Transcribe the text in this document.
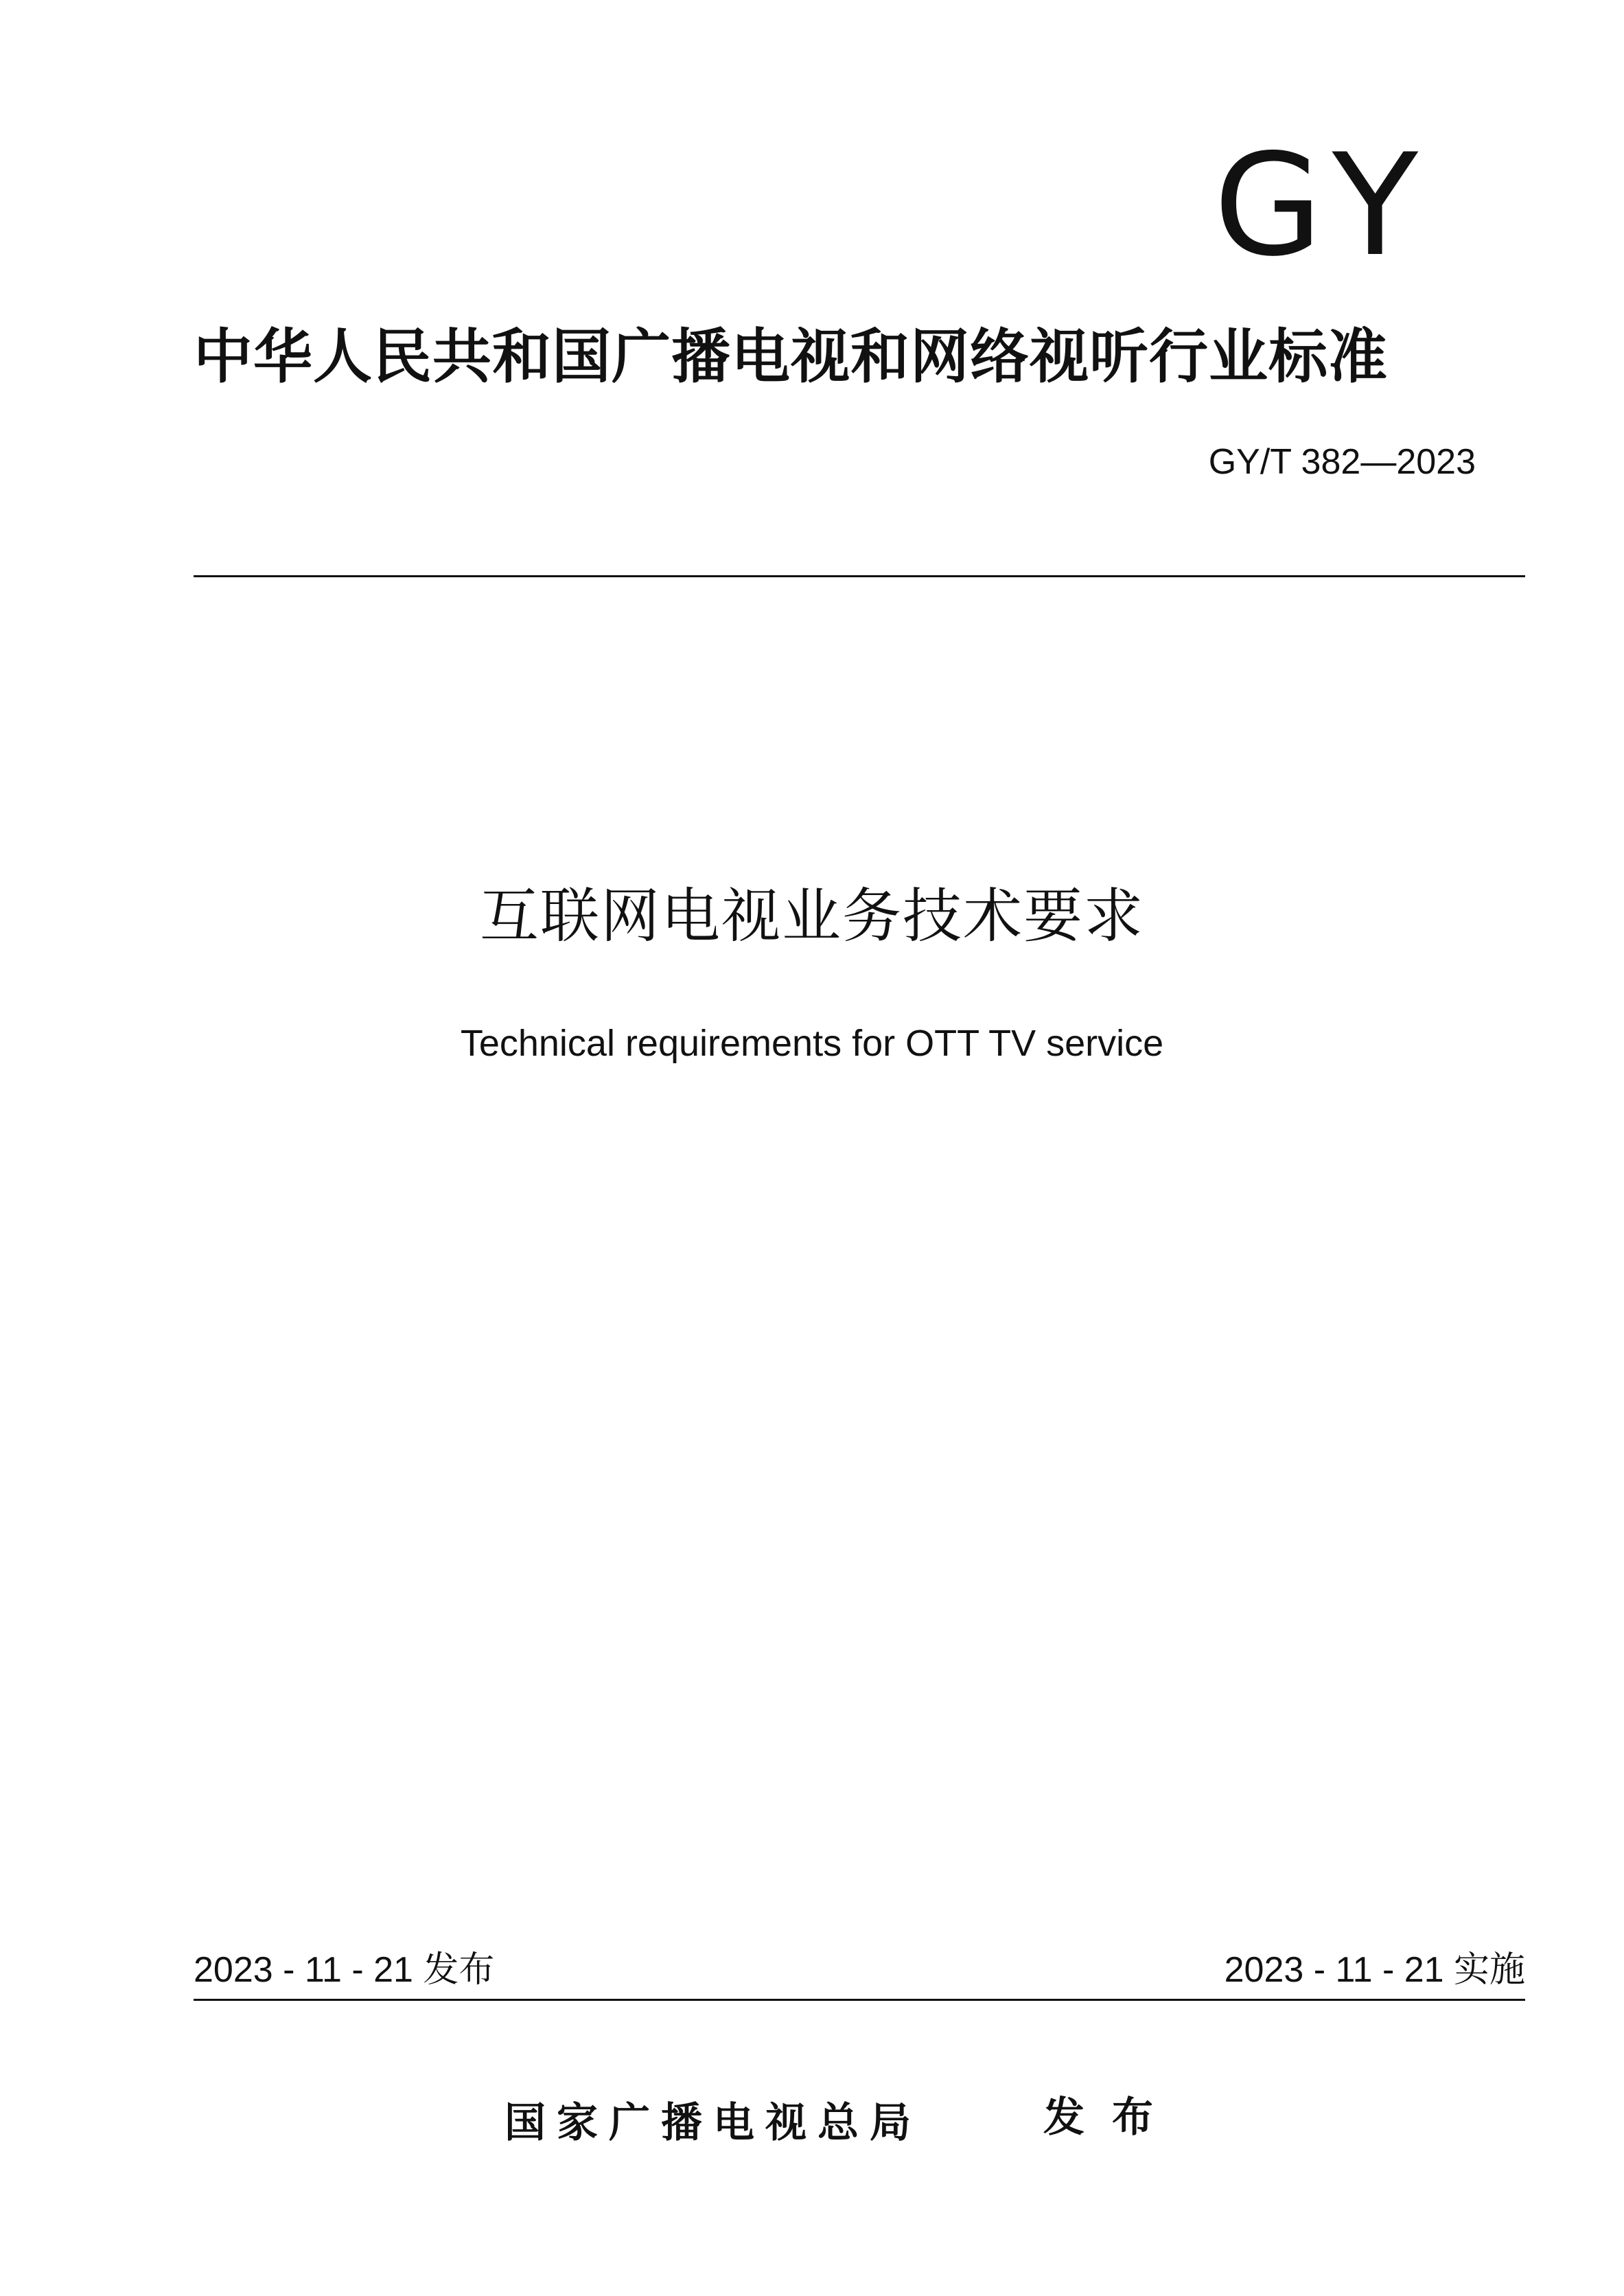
GY
中华人民共和国广播电视和网络视听行业标准
GY/T 382—2023
互联网电视业务技术要求
Technical requirements for OTT TV service
2023 - 11 - 21 发布	2023 - 11 - 21 实施
国家广播电视总局	发布
